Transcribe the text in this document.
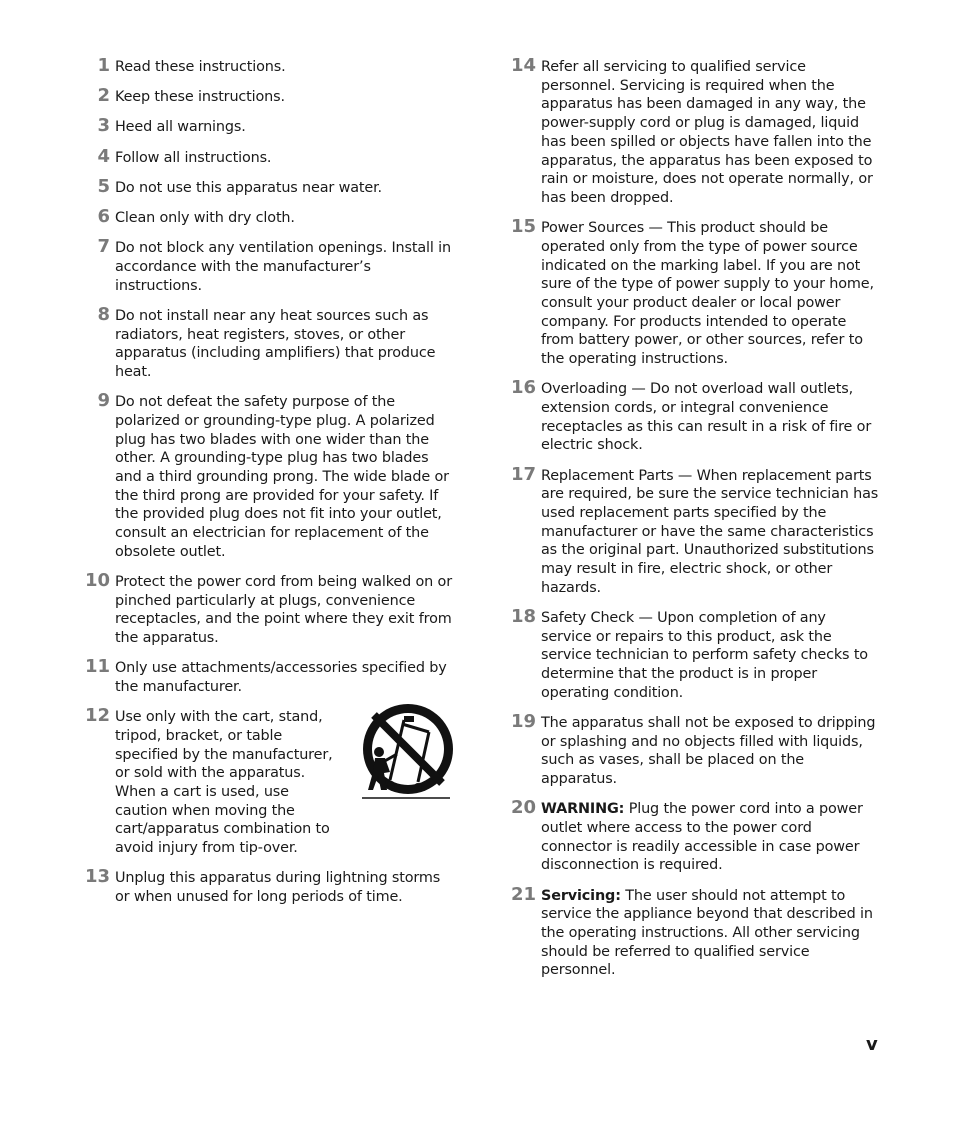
1 Read these instructions.
2 Keep these instructions.
3 Heed all warnings.
4 Follow all instructions.
5 Do not use this apparatus near water.
6 Clean only with dry cloth.
7 Do not block any ventilation openings. Install in accordance with the manufacturer’s instructions.
8 Do not install near any heat sources such as radiators, heat registers, stoves, or other apparatus (including amplifiers) that produce heat.
9 Do not defeat the safety purpose of the polarized or grounding-type plug. A polarized plug has two blades with one wider than the other. A grounding-type plug has two blades and a third grounding prong. The wide blade or the third prong are provided for your safety. If the provided plug does not fit into your outlet, consult an electrician for replacement of the obsolete outlet.
10 Protect the power cord from being walked on or pinched particularly at plugs, convenience receptacles, and the point where they exit from the apparatus.
11 Only use attachments/accessories specified by the manufacturer.
12 Use only with the cart, stand, tripod, bracket, or table specified by the manufacturer, or sold with the apparatus. When a cart is used, use caution when moving the cart/apparatus combination to avoid injury from tip-over.
13 Unplug this apparatus during lightning storms or when unused for long periods of time.
14 Refer all servicing to qualified service personnel. Servicing is required when the apparatus has been damaged in any way, the power-supply cord or plug is damaged, liquid has been spilled or objects have fallen into the apparatus, the apparatus has been exposed to rain or moisture, does not operate normally, or has been dropped.
15 Power Sources — This product should be operated only from the type of power source indicated on the marking label. If you are not sure of the type of power supply to your home, consult your product dealer or local power company. For products intended to operate from battery power, or other sources, refer to the operating instructions.
16 Overloading — Do not overload wall outlets, extension cords, or integral convenience receptacles as this can result in a risk of fire or electric shock.
17 Replacement Parts — When replacement parts are required, be sure the service technician has used replacement parts specified by the manufacturer or have the same characteristics as the original part. Unauthorized substitutions may result in fire, electric shock, or other hazards.
18 Safety Check — Upon completion of any service or repairs to this product, ask the service technician to perform safety checks to determine that the product is in proper operating condition.
19 The apparatus shall not be exposed to dripping or splashing and no objects filled with liquids, such as vases, shall be placed on the apparatus.
20 WARNING: Plug the power cord into a power outlet where access to the power cord connector is readily accessible in case power disconnection is required.
21 Servicing: The user should not attempt to service the appliance beyond that described in the operating instructions. All other servicing should be referred to qualified service personnel.
v
